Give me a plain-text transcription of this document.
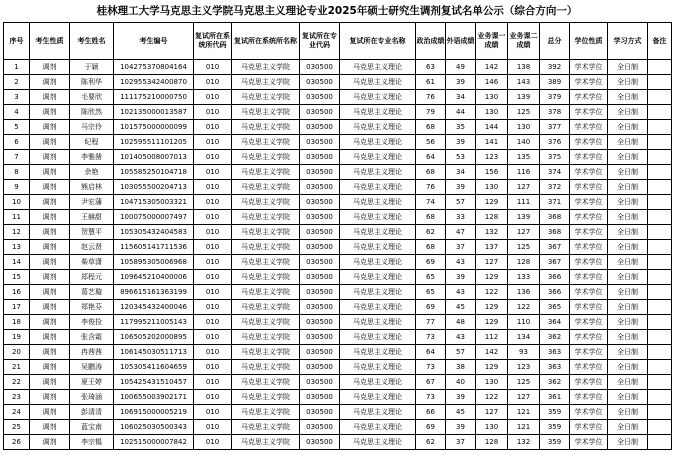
桂林理工大学马克思主义学院马克思主义理论专业2025年硕士研究生调剂复试名单公示（综合方向一）
序号	考生性质	考生姓名	考生编号	复试所在系统所代码	复试所在系统所名称	复试所在专业代码	复试所在专业名称	政治成绩	外语成绩	业务课一成绩	业务课二成绩	总分	学位性质	学习方式	备注
1	调剂	于颖	104275370804164	010	马克思主义学院	030500	马克思主义理论	63	49	142	138	392	学术学位	全日制	
2	调剂	陈利华	102955342400870	010	马克思主义学院	030500	马克思主义理论	61	39	146	143	389	学术学位	全日制	
3	调剂	毛要欣	111175210000750	010	马克思主义学院	030500	马克思主义理论	76	34	130	139	379	学术学位	全日制	
4	调剂	陈欣然	102135000013587	010	马克思主义学院	030500	马克思主义理论	79	44	130	125	378	学术学位	全日制	
5	调剂	马宗伶	101575000000099	010	马克思主义学院	030500	马克思主义理论	68	35	144	130	377	学术学位	全日制	
6	调剂	纪程	102595511101205	010	马克思主义学院	030500	马克思主义理论	56	39	141	140	376	学术学位	全日制	
7	调剂	李雅凿	101405008007013	010	马克思主义学院	030500	马克思主义理论	64	53	123	135	375	学术学位	全日制	
8	调剂	余艳	105585250104718	010	马克思主义学院	030500	马克思主义理论	68	34	156	116	374	学术学位	全日制	
9	调剂	熊启林	103055500204713	010	马克思主义学院	030500	马克思主义理论	76	39	130	127	372	学术学位	全日制	
10	调剂	尹宏藩	104715305003321	010	马克思主义学院	030500	马克思主义理论	74	57	129	111	371	学术学位	全日制	
11	调剂	王赫甜	100075000007497	010	马克思主义学院	030500	马克思主义理论	68	33	128	139	368	学术学位	全日制	
12	调剂	贺慧平	105305432404583	010	马克思主义学院	030500	马克思主义理论	62	47	132	127	368	学术学位	全日制	
13	调剂	赵云贤	115605141711536	010	马克思主义学院	030500	马克思主义理论	68	37	137	125	367	学术学位	全日制	
14	调剂	柴草潇	105895305006968	010	马克思主义学院	030500	马克思主义理论	69	43	127	128	367	学术学位	全日制	
15	调剂	郑程元	109645210400006	010	马克思主义学院	030500	马克思主义理论	65	39	129	133	366	学术学位	全日制	
16	调剂	葛艺璇	896615161363199	010	马克思主义学院	030500	马克思主义理论	65	43	122	136	366	学术学位	全日制	
17	调剂	郑艳芬	120345432400046	010	马克思主义学院	030500	马克思主义理论	69	45	129	122	365	学术学位	全日制	
18	调剂	李俊捡	117995211005143	010	马克思主义学院	030500	马克思主义理论	77	48	129	110	364	学术学位	全日制	
19	调剂	张含霜	106505202000895	010	马克思主义学院	030500	马克思主义理论	73	43	112	134	362	学术学位	全日制	
20	调剂	冉茜茜	106145030511713	010	马克思主义学院	030500	马克思主义理论	64	57	142	93	363	学术学位	全日制	
21	调剂	吴鹏涛	105305411604659	010	马克思主义学院	030500	马克思主义理论	73	38	129	123	363	学术学位	全日制	
22	调剂	夏王婷	105425431510457	010	马克思主义学院	030500	马克思主义理论	67	40	130	125	362	学术学位	全日制	
23	调剂	张琦涵	100655003902171	010	马克思主义学院	030500	马克思主义理论	73	39	122	127	361	学术学位	全日制	
24	调剂	彭清清	106915000005219	010	马克思主义学院	030500	马克思主义理论	66	45	127	121	359	学术学位	全日制	
25	调剂	蓝宝南	106025030500343	010	马克思主义学院	030500	马克思主义理论	69	39	130	121	359	学术学位	全日制	
26	调剂	李宗韫	102515000007842	010	马克思主义学院	030500	马克思主义理论	62	37	128	132	359	学术学位	全日制	
